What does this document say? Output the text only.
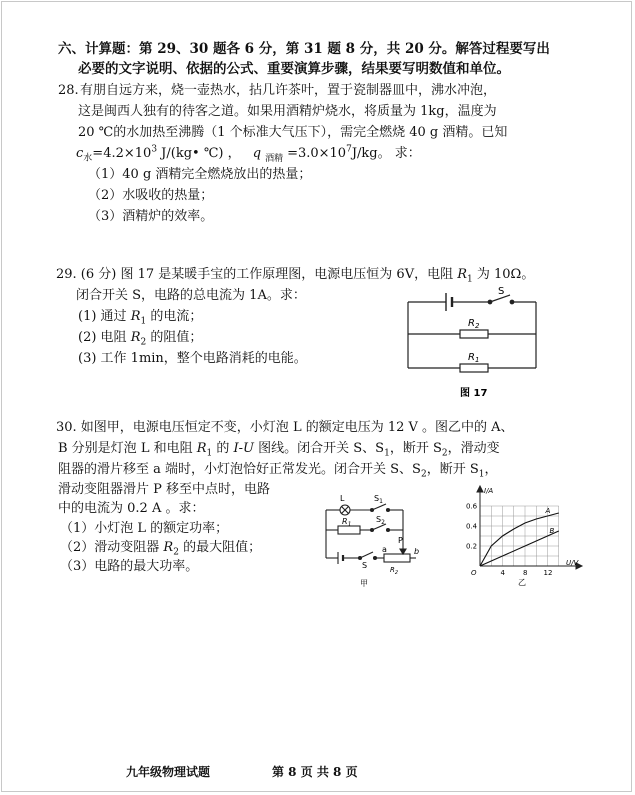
六、计算题：第 29、30 题各 6 分，第 31 题 8 分，共 20 分。解答过程要写出
必要的文字说明、依据的公式、重要演算步骤，结果要写明数值和单位。
28. 有朋自远方来，烧一壶热水，拈几许茶叶，置于瓷制器皿中，沸水冲泡，
这是闽西人独有的待客之道。如果用酒精炉烧水，将质量为 1kg，温度为
20 ℃的水加热至沸腾（1 个标准大气压下），需完全燃烧 40 g 酒精。已知
$c_水=4.2\times 10^3$ J/(kg• ℃) ， q $_{酒精} =3.0\times 10^7J/kg$。 求：
（1）40 g 酒精完全燃烧放出的热量；
（2）水吸收的热量；
（3）酒精炉的效率。
29. (6 分) 图 17 是某暖手宝的工作原理图，电源电压恒为 6V，电阻 $R_1$ 为 10Ω。
闭合开关 S，电路的总电流为 1A。求：
(1) 通过 $R_1$ 的电流；
(2) 电阻 $R_2$ 的阻值；
(3) 工作 1min，整个电路消耗的电能。
S
$R_2$
$R_1$
图 17
30. 如图甲，电源电压恒定不变，小灯泡 L 的额定电压为 12 V 。图乙中的 A、
B 分别是灯泡 L 和电阻 $R_1$ 的 I-U 图线。闭合开关 S、$S_1$，断开 $S_2$，滑动变
阻器的滑片移至 a 端时，小灯泡恰好正常发光。闭合开关 S、$S_2$，断开 $S_1$，
滑动变阻器滑片 P 移至中点时，电路
中的电流为 0.2 A 。求：
（1）小灯泡 L 的额定功率；
（2）滑动变阻器 $R_2$ 的最大阻值；
（3）电路的最大功率。
L	$S_1$
$R_1$
$S_2$
S
a
P
b
$R_2$
甲
0.6
0.4
0.2
4	8 12
A
B
I/A
U/V
O
乙
九年级物理试题	第 8 页 共 8 页
